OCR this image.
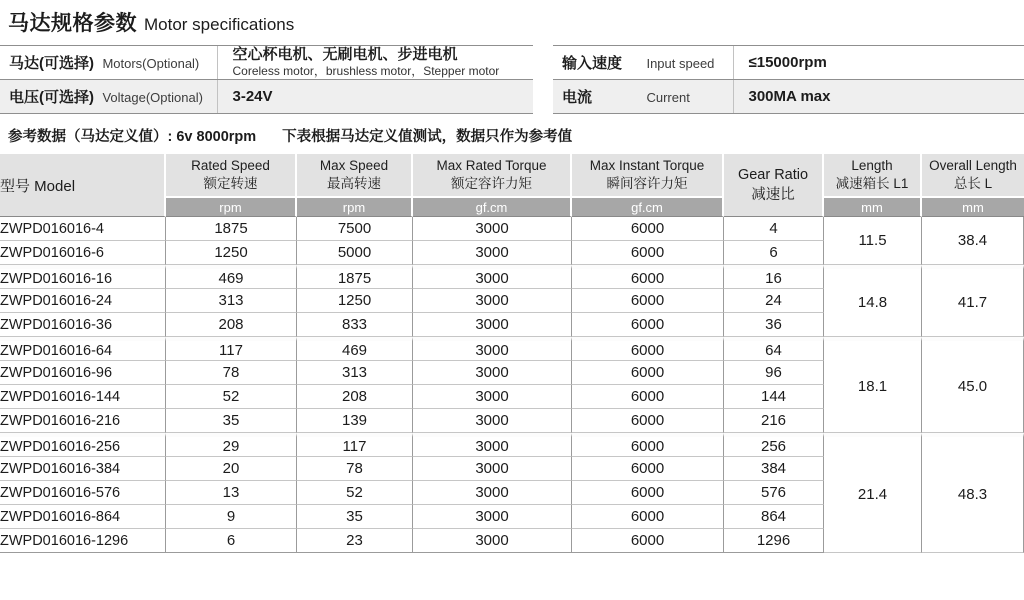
马达规格参数 Motor specifications
马达(可选择) Motors(Optional)	空心杯电机、无刷电机、步进电机
Coreless motor，brushless motor，Stepper motor

电压(可选择) Voltage(Optional)	3-24V
输入速度 Input speed	≤15000rpm
电流 Current	300MA max
参考数据（马达定义值）: 6v 8000rpm 下表根据马达定义值测试，数据只作为参考值
型号 Model	
Rated Speed
额定转速

Max Speed
最高转速

Max Rated Torque
额定容许力矩

Max Instant Torque
瞬间容许力矩

Gear Ratio
减速比

Length
减速箱长 L1

Overall Length
总长 L

	rpm	rpm	gf.cm	gf.cm		mm	mm
ZWPD016016-4	1875	7500	3000	6000	4	11.5	38.4
ZWPD016016-6	1250	5000	3000	6000	6		
ZWPD016016-16	469	1875	3000	6000	16	14.8	41.7
ZWPD016016-24	313	1250	3000	6000	24		
ZWPD016016-36	208	833	3000	6000	36		
ZWPD016016-64	117	469	3000	6000	64	18.1	45.0
ZWPD016016-96	78	313	3000	6000	96		
ZWPD016016-144	52	208	3000	6000	144		
ZWPD016016-216	35	139	3000	6000	216		
ZWPD016016-256	29	117	3000	6000	256	21.4	48.3
ZWPD016016-384	20	78	3000	6000	384		
ZWPD016016-576	13	52	3000	6000	576		
ZWPD016016-864	9	35	3000	6000	864		
ZWPD016016-1296	6	23	3000	6000	1296		
